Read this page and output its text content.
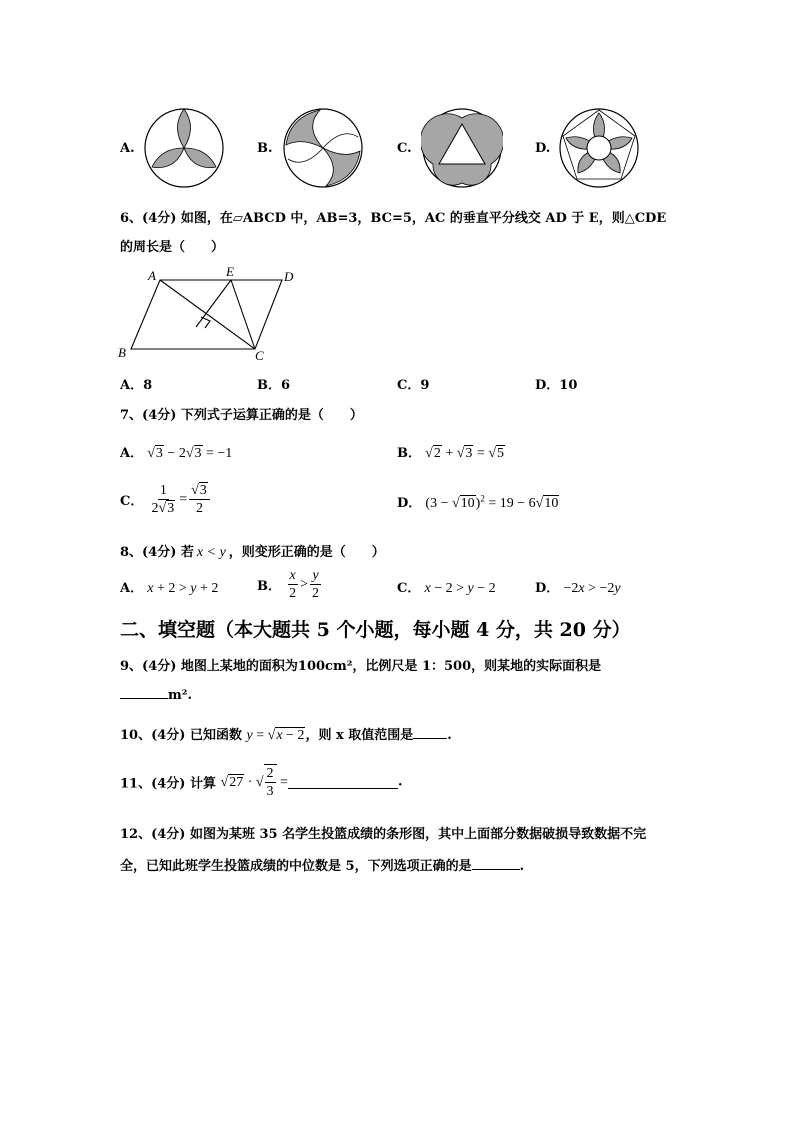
A.	B.	C.	D.
6、(4分) 如图，在▱ABCD 中，AB=3，BC=5，AC 的垂直平分线交 AD 于 E，则△CDE
的周长是（　　）
A	E	D
B	C
A．8	B．6	C．9	D．10
7、(4分) 下列式子运算正确的是（　　）
A． √3 − 2√3 = −1	B． √2 + √3 = √5
C． $\frac{1}{2√3} = \frac{√3}{2}$	D． $(3 - √10)^2 = 19 - 6√10$
8、(4分) 若 x < y ，则变形正确的是（　　）
A． x + 2 > y + 2	B． $\frac{x}{2} > \frac{y}{2}$	C． x − 2 > y − 2	D． −2x > −2y
二、填空题（本大题共 5 个小题，每小题 4 分，共 20 分）
9、(4分) 地图上某地的面积为100cm²，比例尺是 1：500，则某地的实际面积是
m².
10、(4分) 已知函数 y = √x − 2，则 x 取值范围是	.
11、(4分) 计算 √27 · √ $\frac{2}{3}$ =	.
12、(4分) 如图为某班 35 名学生投篮成绩的条形图，其中上面部分数据破损导致数据不完
全，已知此班学生投篮成绩的中位数是 5，下列选项正确的是	.
